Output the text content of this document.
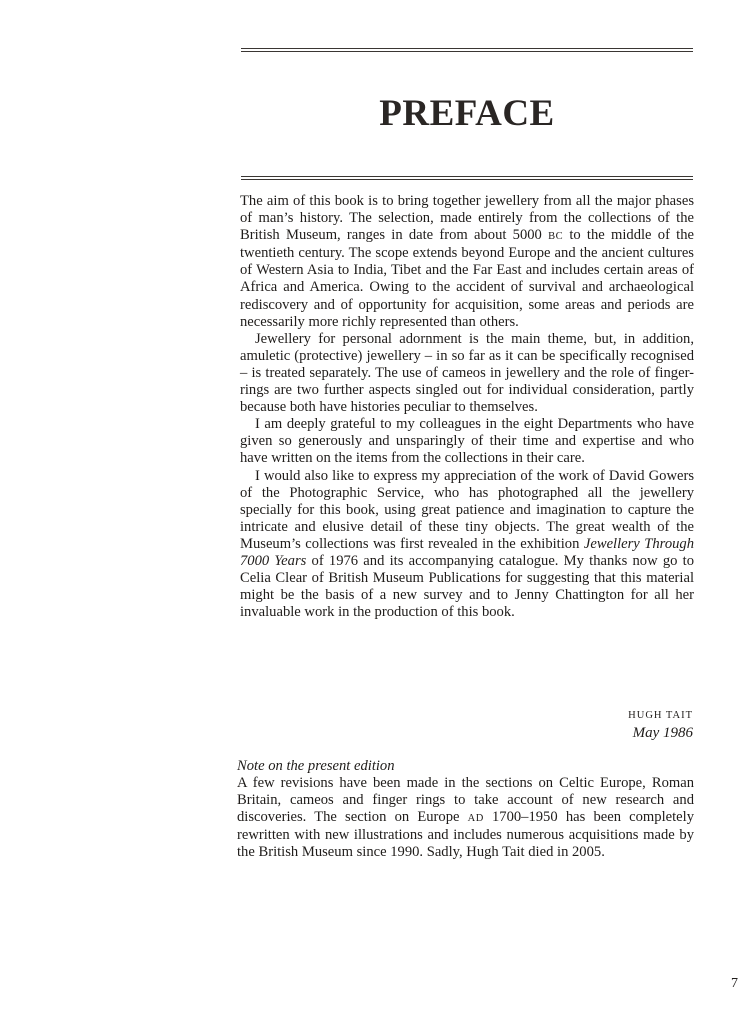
PREFACE

The aim of this book is to bring together jewellery from all the major phases of man’s history. The selection, made entirely from the collections of the British Museum, ranges in date from about 5000 BC to the middle of the twentieth century. The scope extends beyond Europe and the ancient cultures of Western Asia to India, Tibet and the Far East and includes certain areas of Africa and America. Owing to the accident of survival and archaeological rediscovery and of opportunity for acquisition, some areas and periods are necessarily more richly represented than others.

Jewellery for personal adornment is the main theme, but, in addition, amuletic (protective) jewellery – in so far as it can be specifically recognised – is treated separately. The use of cameos in jewellery and the role of finger-rings are two further aspects singled out for individual consideration, partly because both have histories peculiar to themselves.

I am deeply grateful to my colleagues in the eight Departments who have given so generously and unsparingly of their time and expertise and who have written on the items from the collections in their care.

I would also like to express my appreciation of the work of David Gowers of the Photographic Service, who has photographed all the jewellery specially for this book, using great patience and imagination to capture the intricate and elusive detail of these tiny objects. The great wealth of the Museum’s collections was first revealed in the exhibition Jewellery Through 7000 Years of 1976 and its accompanying catalogue. My thanks now go to Celia Clear of British Museum Publications for suggesting that this material might be the basis of a new survey and to Jenny Chattington for all her invaluable work in the production of this book.

HUGH TAIT
May 1986

Note on the present edition

A few revisions have been made in the sections on Celtic Europe, Roman Britain, cameos and finger rings to take account of new research and discoveries. The section on Europe AD 1700–1950 has been completely rewritten with new illustrations and includes numerous acquisitions made by the British Museum since 1990. Sadly, Hugh Tait died in 2005.

7
